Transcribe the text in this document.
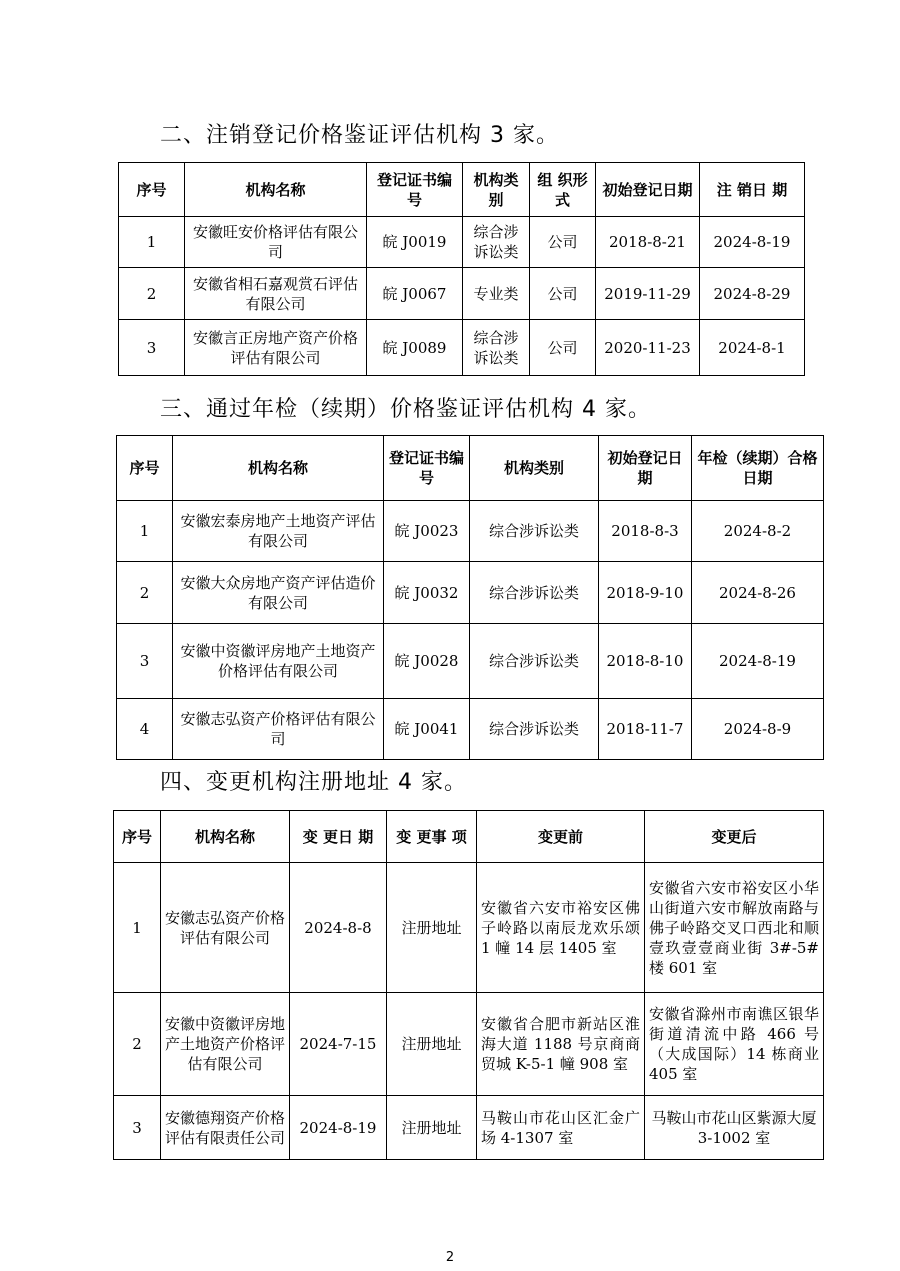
二、注销登记价格鉴证评估机构 3 家。
序号	机构名称	登记证书编号	机构类别	组 织形 式	初始登记日期	注 销日 期
1	安徽旺安价格评估有限公司	皖 J0019	综合涉诉讼类	公司	2018-8-21	2024-8-19
2	安徽省相石嘉观赏石评估有限公司	皖 J0067	专业类	公司	2019-11-29	2024-8-29
3	安徽言正房地产资产价格评估有限公司	皖 J0089	综合涉诉讼类	公司	2020-11-23	2024-8-1
三、通过年检（续期）价格鉴证评估机构 4 家。
序号	机构名称	登记证书编号	机构类别	初始登记日期	年检（续期）合格日期
1	安徽宏泰房地产土地资产评估有限公司	皖 J0023	综合涉诉讼类	2018-8-3	2024-8-2
2	安徽大众房地产资产评估造价有限公司	皖 J0032	综合涉诉讼类	2018-9-10	2024-8-26
3	安徽中资徽评房地产土地资产价格评估有限公司	皖 J0028	综合涉诉讼类	2018-8-10	2024-8-19
4	安徽志弘资产价格评估有限公司	皖 J0041	综合涉诉讼类	2018-11-7	2024-8-9
四、变更机构注册地址 4 家。
序号	机构名称	变 更日 期	变 更事 项	变更前	变更后
1	安徽志弘资产价格评估有限公司	2024-8-8	注册地址	安徽省六安市裕安区佛子岭路以南辰龙欢乐颂 1 幢 14 层 1405 室	安徽省六安市裕安区小华山街道六安市解放南路与佛子岭路交叉口西北和顺壹玖壹壹商业街 3#-5#楼 601 室
2	安徽中资徽评房地产土地资产价格评估有限公司	2024-7-15	注册地址	安徽省合肥市新站区淮海大道 1188 号京商商贸城 K-5-1 幢 908 室	安徽省滁州市南谯区银华街道清流中路 466 号（大成国际）14 栋商业 405 室
3	安徽德翔资产价格评估有限责任公司	2024-8-19	注册地址	马鞍山市花山区汇金广场 4-1307 室	马鞍山市花山区紫源大厦 3-1002 室
2
